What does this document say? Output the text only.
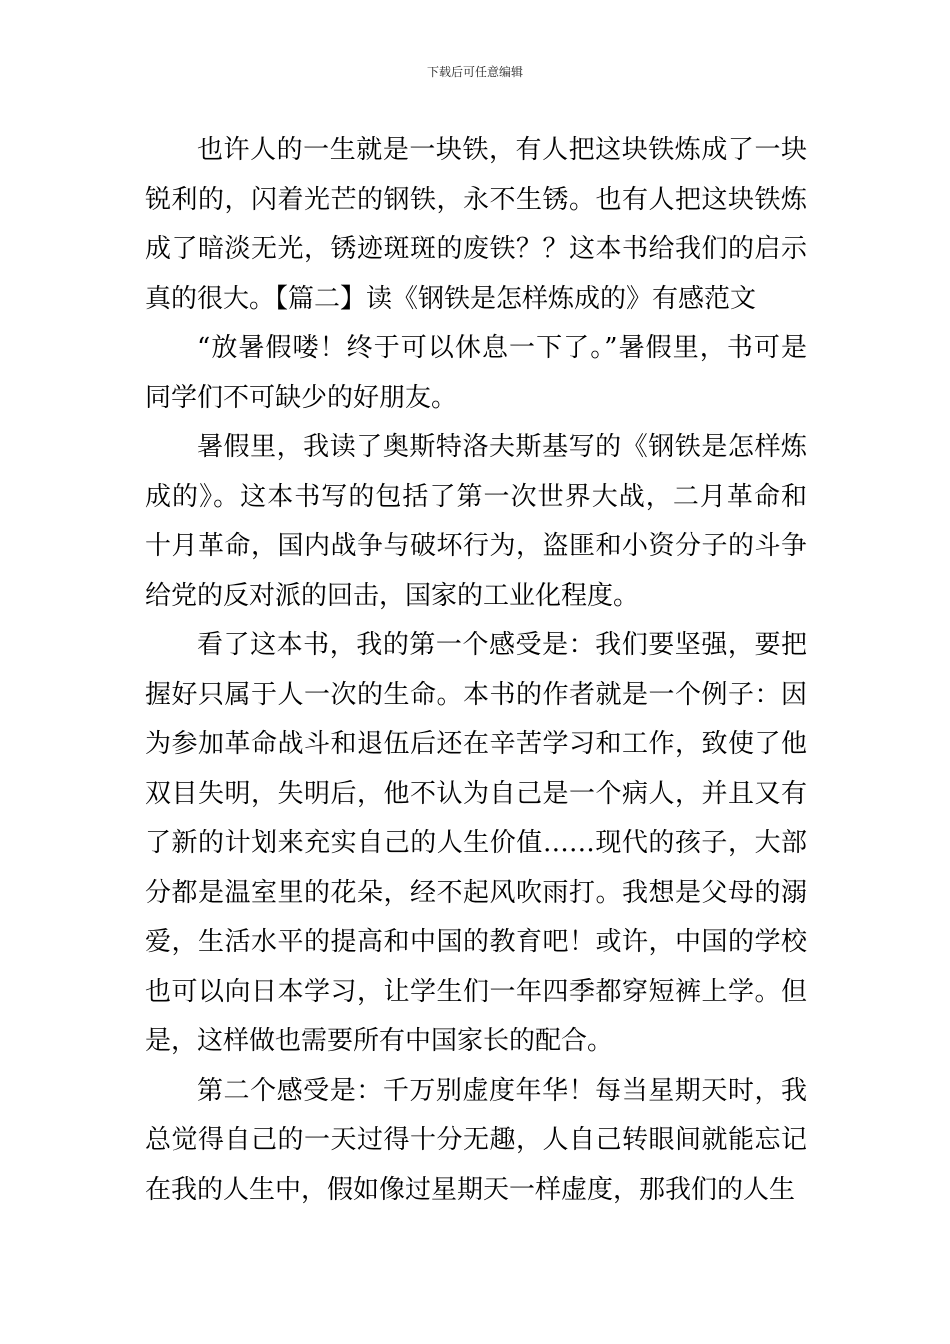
下载后可任意编辑

也许人的一生就是一块铁，有人把这块铁炼成了一块锐利的，闪着光芒的钢铁，永不生锈。也有人把这块铁炼成了暗淡无光，锈迹斑斑的废铁？？这本书给我们的启示真的很大。【篇二】读《钢铁是怎样炼成的》有感范文

“放暑假喽！终于可以休息一下了。”暑假里，书可是同学们不可缺少的好朋友。

暑假里，我读了奥斯特洛夫斯基写的《钢铁是怎样炼成的》。这本书写的包括了第一次世界大战，二月革命和十月革命，国内战争与破坏行为，盗匪和小资分子的斗争给党的反对派的回击，国家的工业化程度。

看了这本书，我的第一个感受是：我们要坚强，要把握好只属于人一次的生命。本书的作者就是一个例子：因为参加革命战斗和退伍后还在辛苦学习和工作，致使了他双目失明，失明后，他不认为自己是一个病人，并且又有了新的计划来充实自己的人生价值……现代的孩子，大部分都是温室里的花朵，经不起风吹雨打。我想是父母的溺爱，生活水平的提高和中国的教育吧！或许，中国的学校也可以向日本学习，让学生们一年四季都穿短裤上学。但是，这样做也需要所有中国家长的配合。

第二个感受是：千万别虚度年华！每当星期天时，我总觉得自己的一天过得十分无趣，人自己转眼间就能忘记在我的人生中，假如像过星期天一样虚度，那我们的人生
